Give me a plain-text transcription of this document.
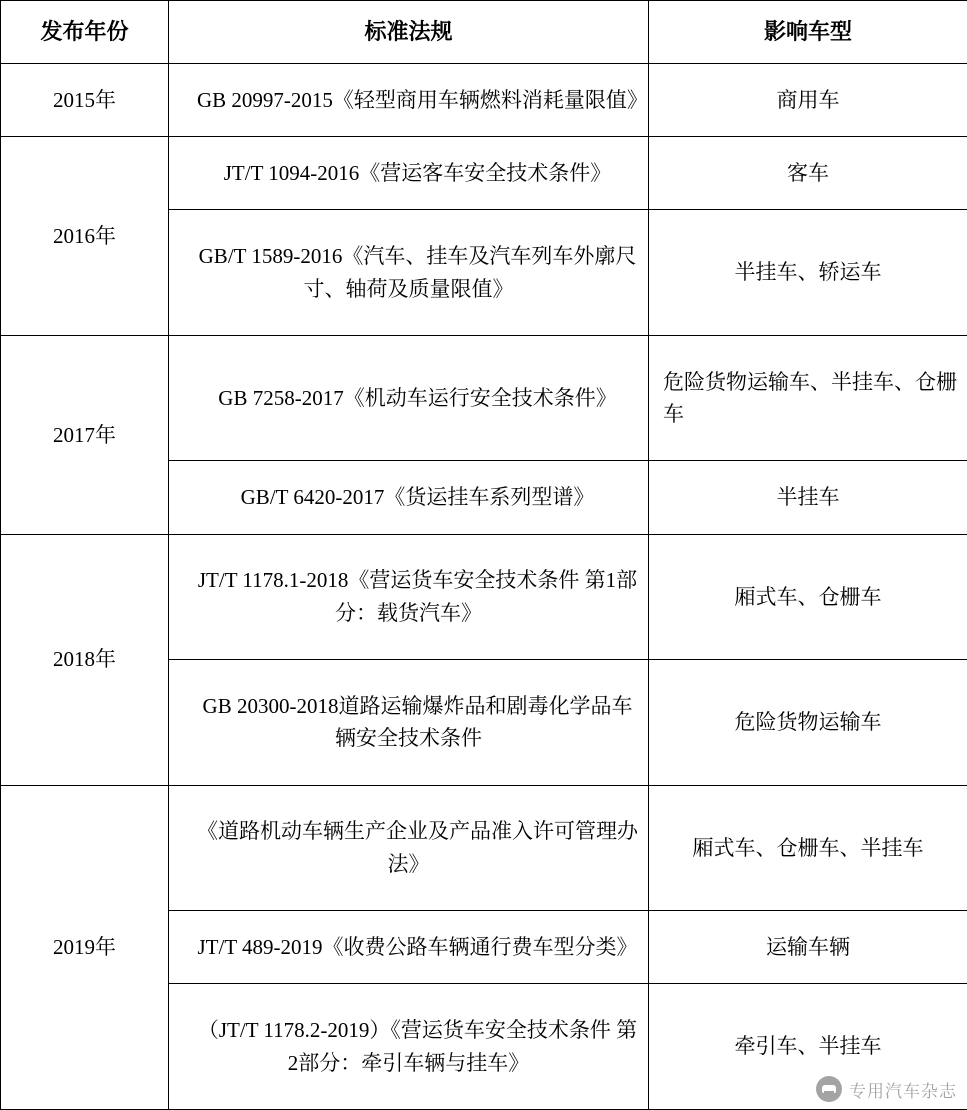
发布年份	标准法规	影响车型
2015年	GB 20997-2015《轻型商用车辆燃料消耗量限值》	商用车
2016年	JT/T 1094-2016《营运客车安全技术条件》	客车

	GB/T 1589-2016《汽车、挂车及汽车列车外廓尺寸、轴荷及质量限值》	半挂车、轿运车
2017年	GB 7258-2017《机动车运行安全技术条件》	危险货物运输车、半挂车、仓栅车

	GB/T 6420-2017《货运挂车系列型谱》	半挂车
2018年	JT/T 1178.1-2018《营运货车安全技术条件 第1部分：载货汽车》	厢式车、仓栅车

	GB 20300-2018道路运输爆炸品和剧毒化学品车辆安全技术条件	危险货物运输车
2019年	《道路机动车辆生产企业及产品准入许可管理办法》	厢式车、仓栅车、半挂车

	JT/T 489-2019《收费公路车辆通行费车型分类》	运输车辆

	（JT/T 1178.2-2019）《营运货车安全技术条件 第2部分：牵引车辆与挂车》	牵引车、半挂车
专用汽车杂志
